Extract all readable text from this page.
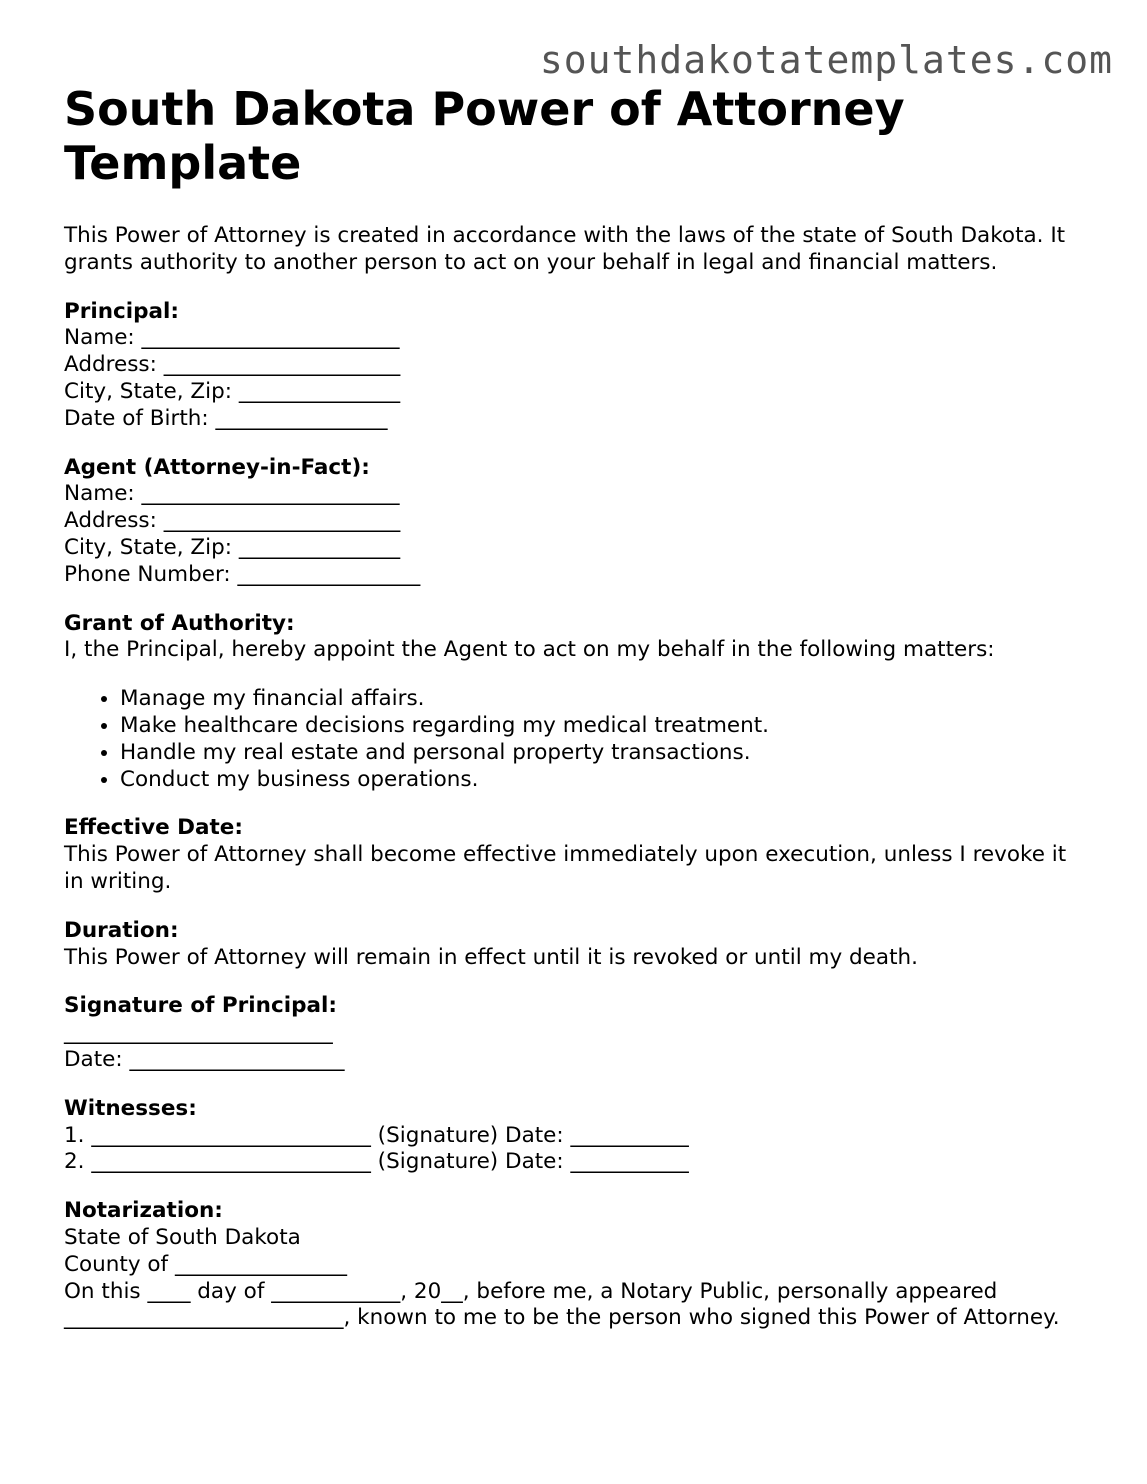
southdakotatemplates.com
South Dakota Power of Attorney Template
This Power of Attorney is created in accordance with the laws of the state of South Dakota. It grants authority to another person to act on your behalf in legal and financial matters.
Principal:
Name: ________________________
Address: ______________________
City, State, Zip: _______________
Date of Birth: ________________
Agent (Attorney-in-Fact):
Name: ________________________
Address: ______________________
City, State, Zip: _______________
Phone Number: _________________
Grant of Authority:
I, the Principal, hereby appoint the Agent to act on my behalf in the following matters:
• Manage my financial affairs.
• Make healthcare decisions regarding my medical treatment.
• Handle my real estate and personal property transactions.
• Conduct my business operations.
Effective Date:
This Power of Attorney shall become effective immediately upon execution, unless I revoke it in writing.
Duration:
This Power of Attorney will remain in effect until it is revoked or until my death.
Signature of Principal:
_________________________
Date: ____________________
Witnesses:
1. __________________________ (Signature) Date: ___________
2. __________________________ (Signature) Date: ___________
Notarization:
State of South Dakota
County of ________________
On this ____ day of ____________, 20__, before me, a Notary Public, personally appeared __________________________, known to me to be the person who signed this Power of Attorney.
